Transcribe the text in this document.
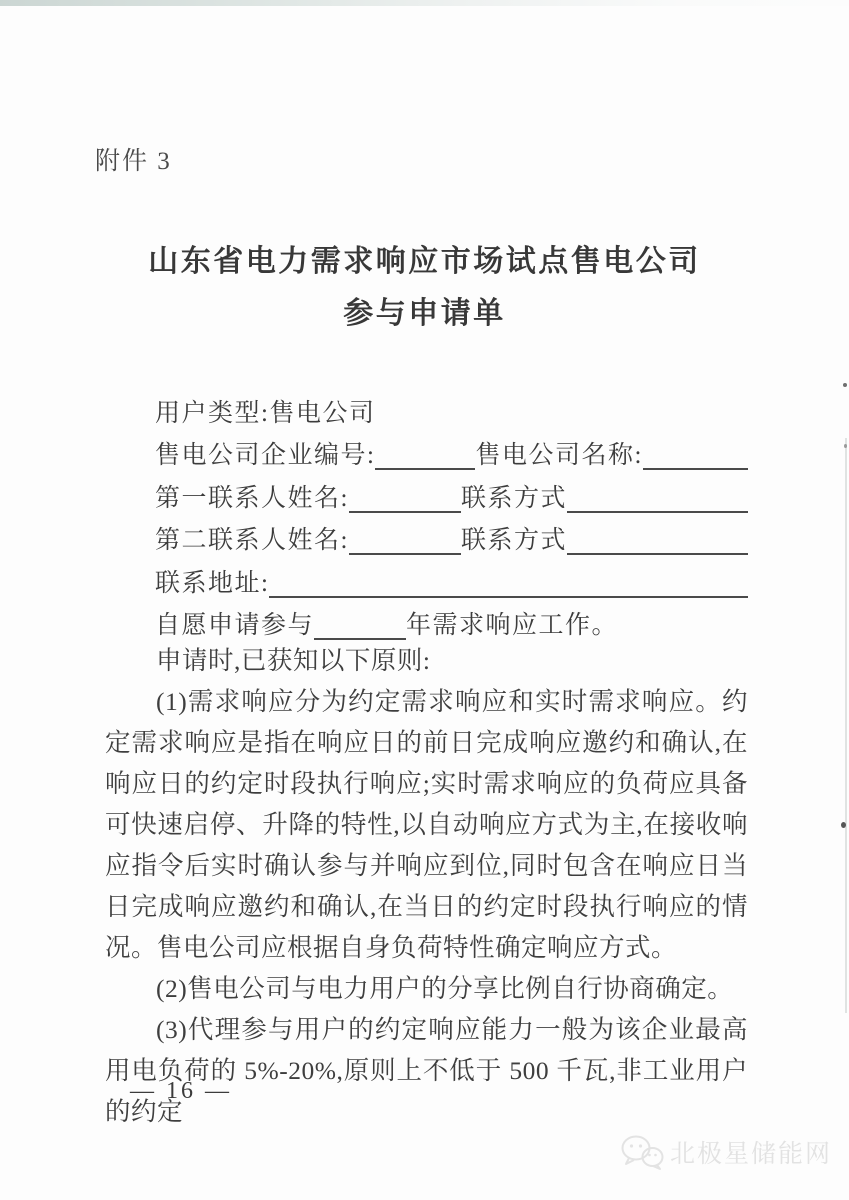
附件 3
山东省电力需求响应市场试点售电公司
参与申请单
用户类型:售电公司
售电公司企业编号:	售电公司名称:
第一联系人姓名:	联系方式
第二联系人姓名:	联系方式
联系地址:
自愿申请参与	年需求响应工作。

申请时,已获知以下原则:

(1)需求响应分为约定需求响应和实时需求响应。约定需求响应是指在响应日的前日完成响应邀约和确认,在响应日的约定时段执行响应;实时需求响应的负荷应具备可快速启停、升降的特性,以自动响应方式为主,在接收响应指令后实时确认参与并响应到位,同时包含在响应日当日完成响应邀约和确认,在当日的约定时段执行响应的情况。售电公司应根据自身负荷特性确定响应方式。

(2)售电公司与电力用户的分享比例自行协商确定。

(3)代理参与用户的约定响应能力一般为该企业最高用电负荷的 5%-20%,原则上不低于 500 千瓦,非工业用户的约定

— 16 —
北极星储能网
